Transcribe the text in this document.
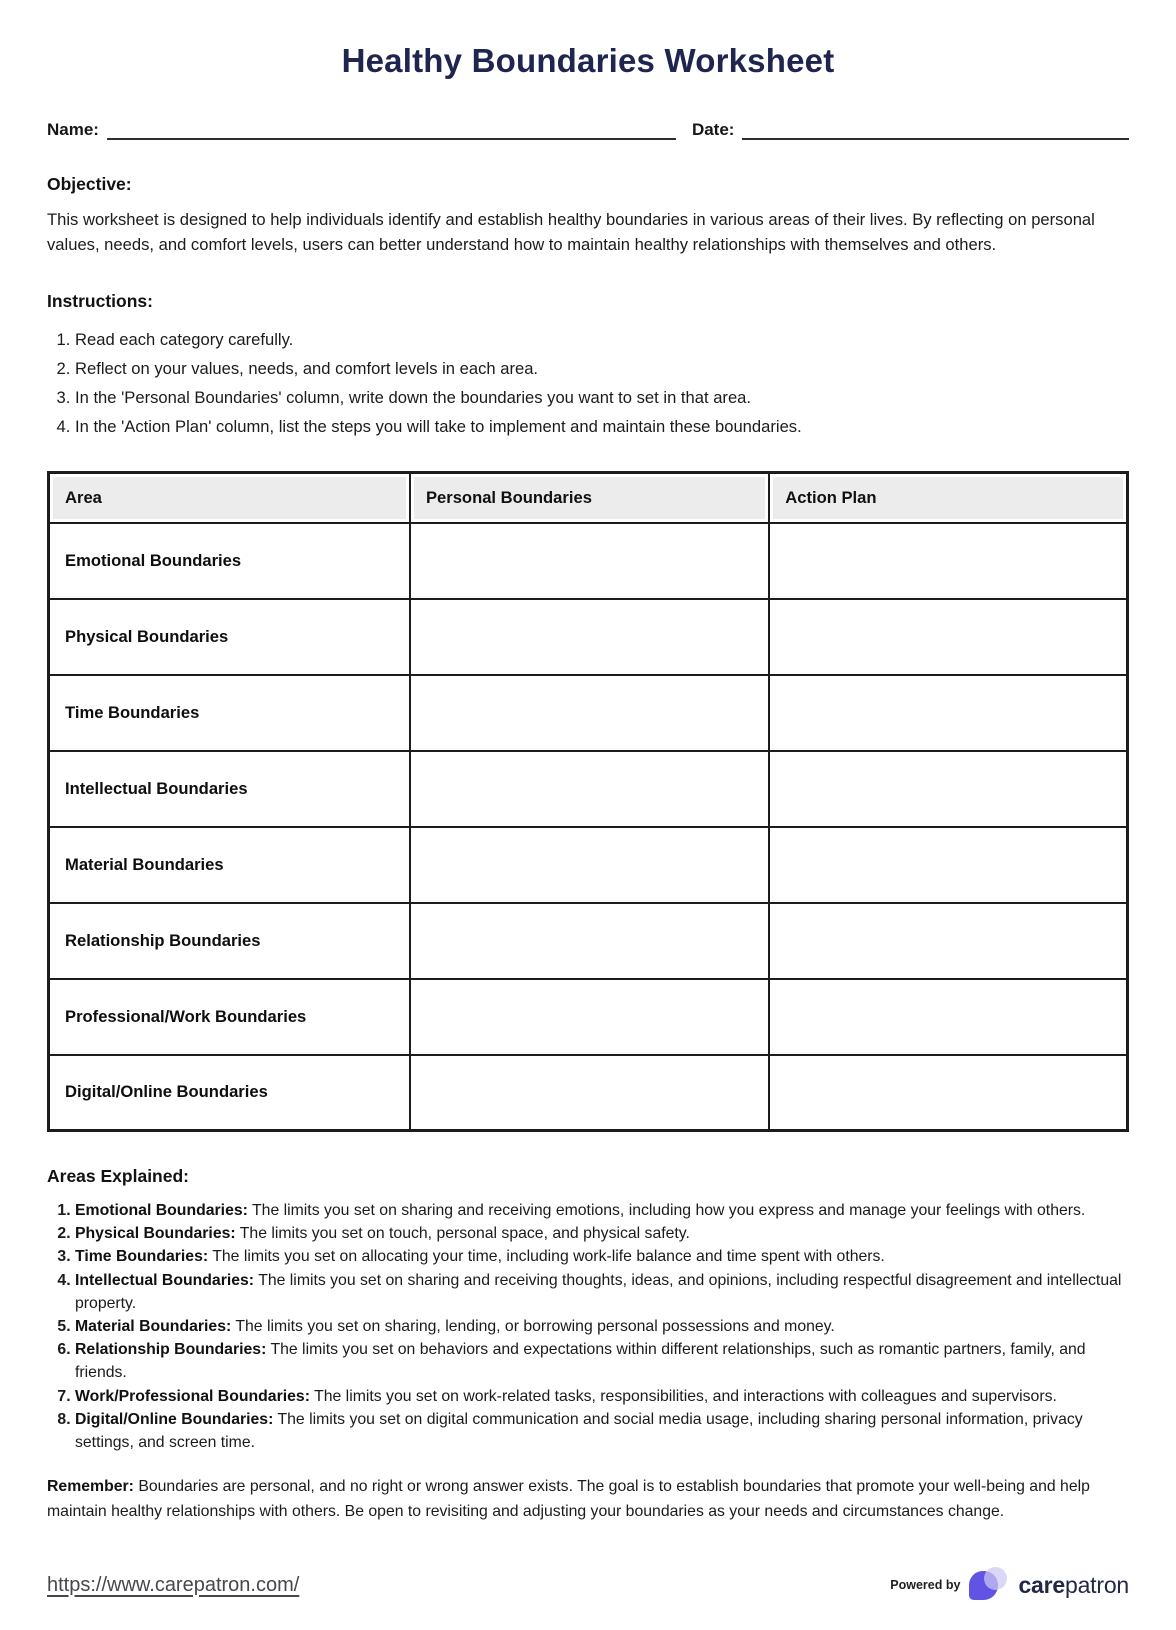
Healthy Boundaries Worksheet
Name:	Date:
Objective:

This worksheet is designed to help individuals identify and establish healthy boundaries in various areas of their lives. By reflecting on personal values, needs, and comfort levels, users can better understand how to maintain healthy relationships with themselves and others.

Instructions:
1. Read each category carefully.
2. Reflect on your values, needs, and comfort levels in each area.
3. In the 'Personal Boundaries' column, write down the boundaries you want to set in that area.
4. In the 'Action Plan' column, list the steps you will take to implement and maintain these boundaries.
Area	Personal Boundaries	Action Plan
Emotional Boundaries		
Physical Boundaries		
Time Boundaries		
Intellectual Boundaries		
Material Boundaries		
Relationship Boundaries		
Professional/Work Boundaries		
Digital/Online Boundaries		
Areas Explained:
1. Emotional Boundaries: The limits you set on sharing and receiving emotions, including how you express and manage your feelings with others.
2. Physical Boundaries: The limits you set on touch, personal space, and physical safety.
3. Time Boundaries: The limits you set on allocating your time, including work-life balance and time spent with others.
4. Intellectual Boundaries: The limits you set on sharing and receiving thoughts, ideas, and opinions, including respectful disagreement and intellectual property.
5. Material Boundaries: The limits you set on sharing, lending, or borrowing personal possessions and money.
6. Relationship Boundaries: The limits you set on behaviors and expectations within different relationships, such as romantic partners, family, and friends.
7. Work/Professional Boundaries: The limits you set on work-related tasks, responsibilities, and interactions with colleagues and supervisors.
8. Digital/Online Boundaries: The limits you set on digital communication and social media usage, including sharing personal information, privacy settings, and screen time.

Remember: Boundaries are personal, and no right or wrong answer exists. The goal is to establish boundaries that promote your well-being and help maintain healthy relationships with others. Be open to revisiting and adjusting your boundaries as your needs and circumstances change.

https://www.carepatron.com/	Powered by	carepatron
